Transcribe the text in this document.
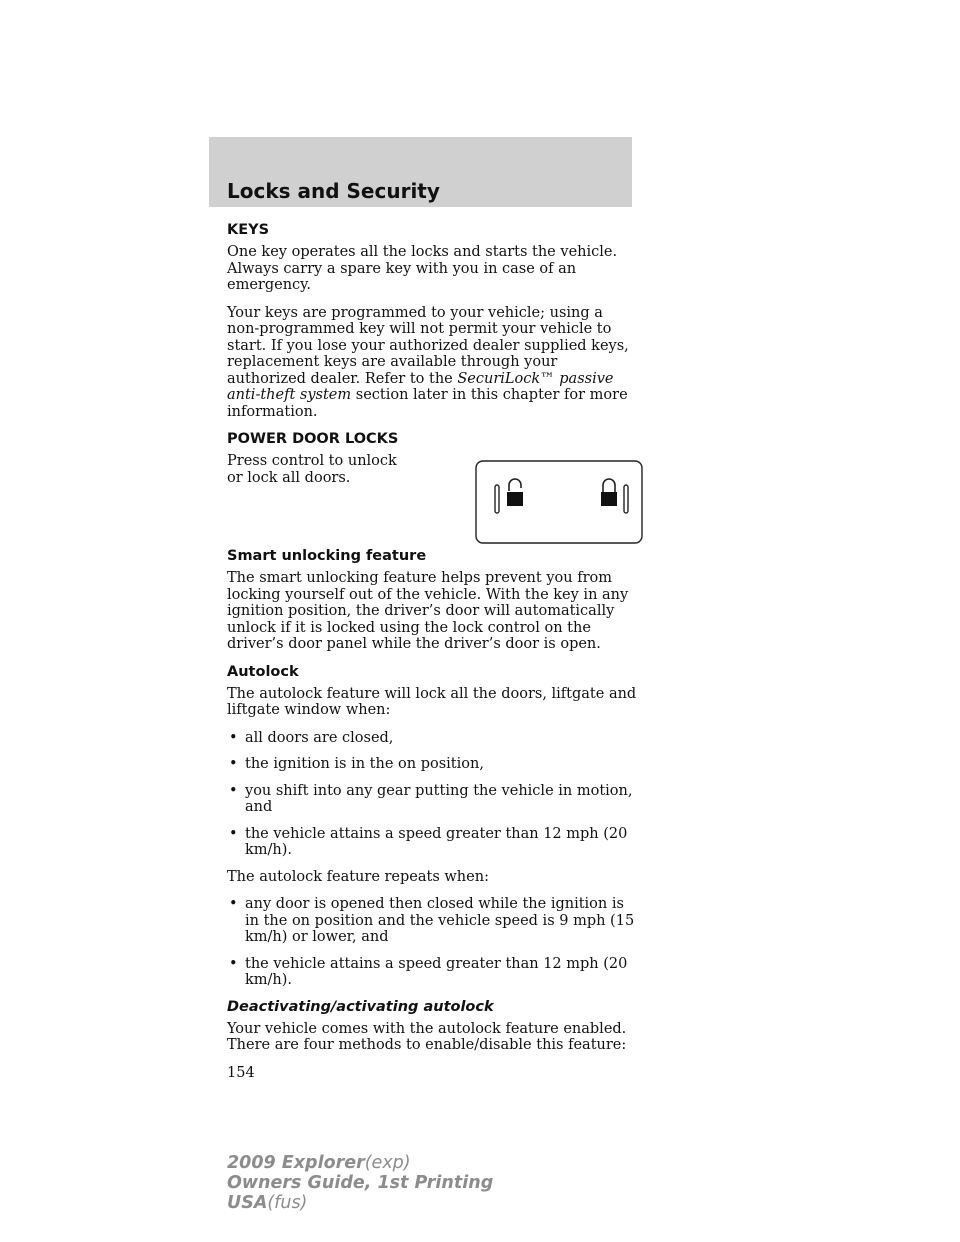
Locks and Security
KEYS

One key operates all the locks and starts the vehicle. Always carry a spare key with you in case of an emergency.

Your keys are programmed to your vehicle; using a non-programmed key will not permit your vehicle to start. If you lose your authorized dealer supplied keys, replacement keys are available through your authorized dealer. Refer to the SecuriLock™ passive anti-theft system section later in this chapter for more information.

POWER DOOR LOCKS

Press control to unlock or lock all doors.

Smart unlocking feature

The smart unlocking feature helps prevent you from locking yourself out of the vehicle. With the key in any ignition position, the driver’s door will automatically unlock if it is locked using the lock control on the driver’s door panel while the driver’s door is open.

Autolock

The autolock feature will lock all the doors, liftgate and liftgate window when:

• all doors are closed,
• the ignition is in the on position,
• you shift into any gear putting the vehicle in motion, and
• the vehicle attains a speed greater than 12 mph (20 km/h).

The autolock feature repeats when:

• any door is opened then closed while the ignition is in the on position and the vehicle speed is 9 mph (15 km/h) or lower, and
• the vehicle attains a speed greater than 12 mph (20 km/h).
Deactivating/activating autolock

Your vehicle comes with the autolock feature enabled. There are four methods to enable/disable this feature:

154
2009 Explorer(exp)
Owners Guide, 1st Printing
USA(fus)
